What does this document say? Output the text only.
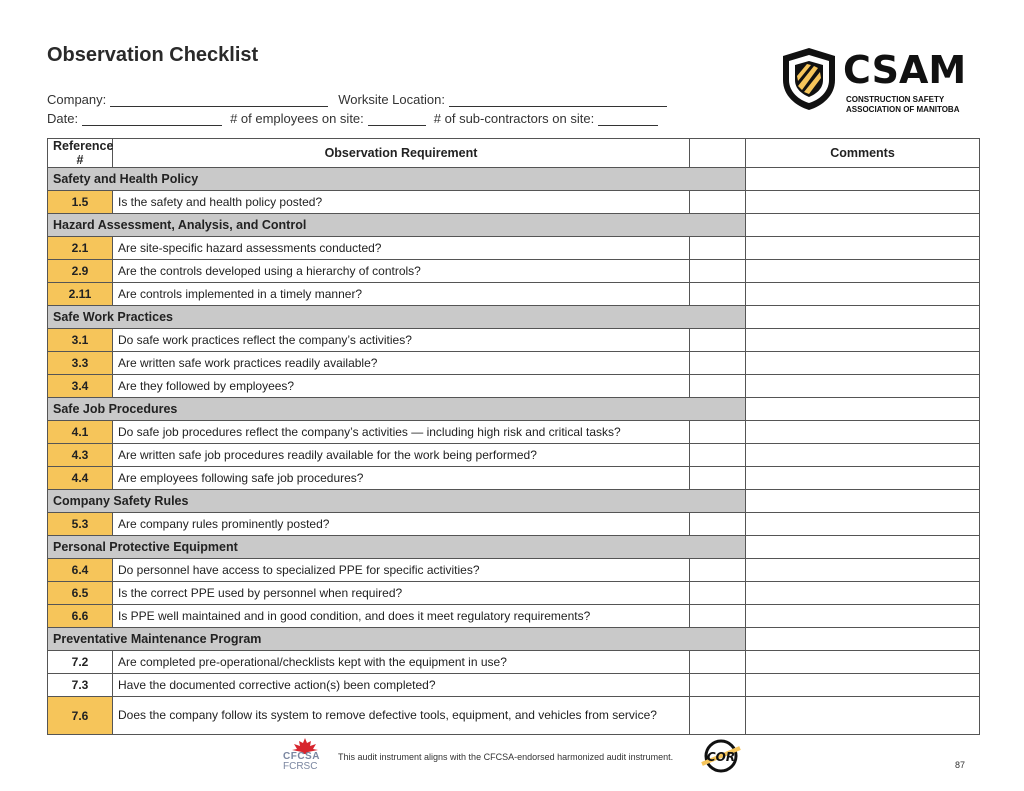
Observation Checklist
Company:	Worksite Location:
Date:	# of employees on site:	# of sub-contractors on site:
CSAM
CONSTRUCTION SAFETY
ASSOCIATION OF MANITOBA
Reference #	Observation Requirement		Comments
Safety and Health Policy			
1.5	Is the safety and health policy posted?		
Hazard Assessment, Analysis, and Control			
2.1	Are site-specific hazard assessments conducted?		
2.9	Are the controls developed using a hierarchy of controls?		
2.11	Are controls implemented in a timely manner?		
Safe Work Practices			
3.1	Do safe work practices reflect the company’s activities?		
3.3	Are written safe work practices readily available?		
3.4	Are they followed by employees?		
Safe Job Procedures			
4.1	Do safe job procedures reflect the company’s activities — including high risk and critical tasks?		
4.3	Are written safe job procedures readily available for the work being performed?		
4.4	Are employees following safe job procedures?		
Company Safety Rules			
5.3	Are company rules prominently posted?		
Personal Protective Equipment			
6.4	Do personnel have access to specialized PPE for specific activities?		
6.5	Is the correct PPE used by personnel when required?		
6.6	Is PPE well maintained and in good condition, and does it meet regulatory requirements?		
Preventative Maintenance Program			
7.2	Are completed pre-operational/checklists kept with the equipment in use?		
7.3	Have the documented corrective action(s) been completed?		
7.6	Does the company follow its system to remove defective tools, equipment, and vehicles from service?		
CFCSA
FCRSC
This audit instrument aligns with the CFCSA-endorsed harmonized audit instrument.	COR
87
